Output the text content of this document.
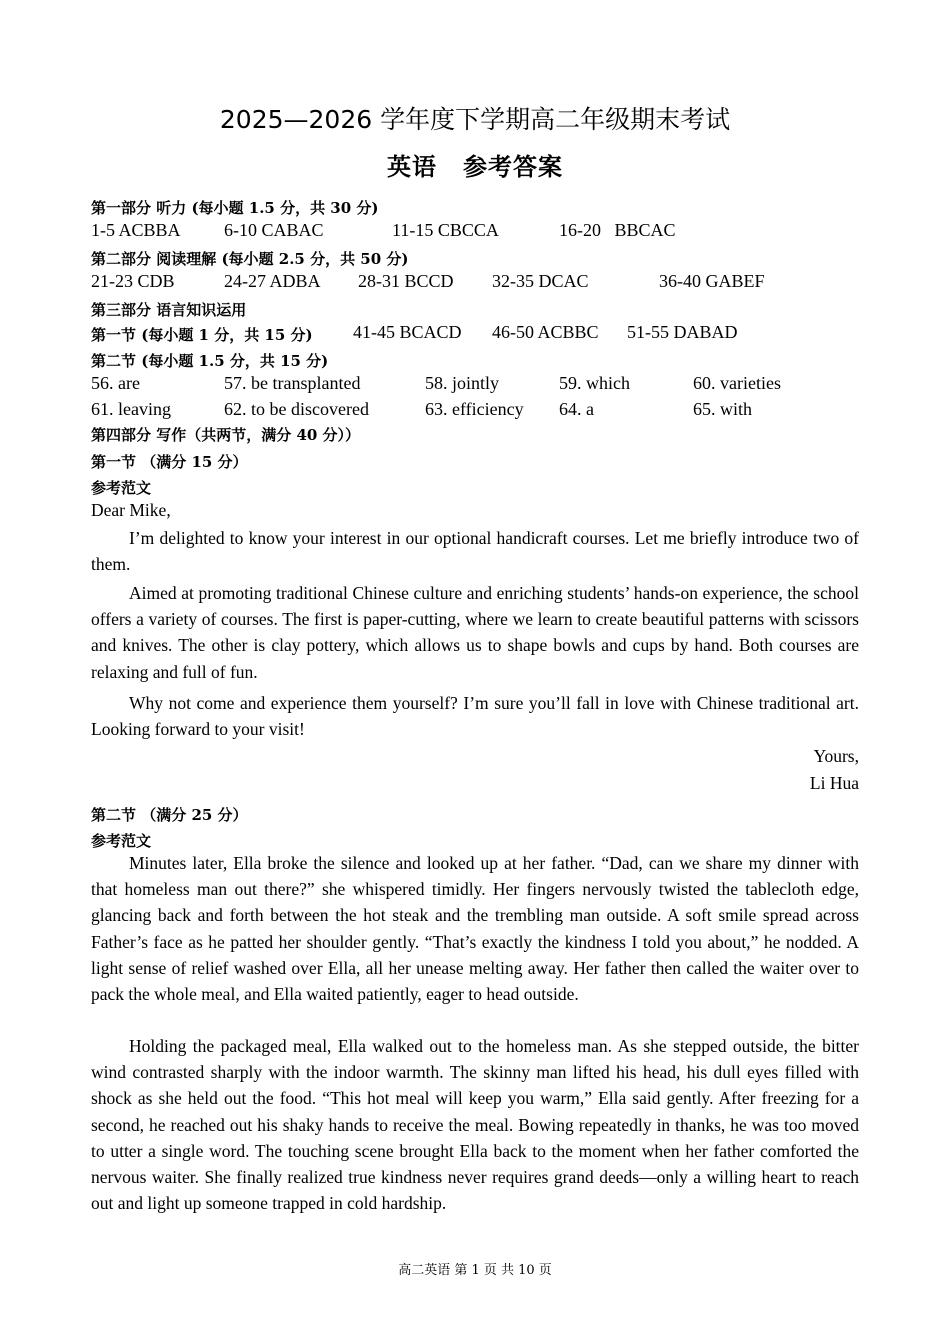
2025—2026 学年度下学期高二年级期末考试
英语 参考答案
第一部分 听力 (每小题 1.5 分，共 30 分)
1-5 ACBBA 6-10 CABAC	11-15 CBCCA	16-20   BBCAC
第二部分 阅读理解 (每小题 2.5 分，共 50 分)
21-23 CDB	24-27 ADBA 28-31 BCCD 32-35 DCAC	36-40 GABEF
第三部分 语言知识运用
第一节 (每小题 1 分，共 15 分) 41-45 BCACD 46-50 ACBBC 51-55 DABAD
第二节 (每小题 1.5 分，共 15 分)
56. are	57. be transplanted	58. jointly	59. which	60. varieties
61. leaving	62. to be discovered	63. efficiency 64. a	65. with
第四部分 写作（共两节，满分 40 分））
第一节 （满分 15 分）
参考范文
Dear Mike,
I’m delighted to know your interest in our optional handicraft courses. Let me briefly introduce two of them.
Aimed at promoting traditional Chinese culture and enriching students’ hands-on experience, the school offers a variety of courses. The first is paper-cutting, where we learn to create beautiful patterns with scissors and knives. The other is clay pottery, which allows us to shape bowls and cups by hand. Both courses are relaxing and full of fun.
Why not come and experience them yourself? I’m sure you’ll fall in love with Chinese traditional art. Looking forward to your visit!
Yours,
Li Hua
第二节 （满分 25 分）
参考范文
Minutes later, Ella broke the silence and looked up at her father. “Dad, can we share my dinner with that homeless man out there?” she whispered timidly. Her fingers nervously twisted the tablecloth edge, glancing back and forth between the hot steak and the trembling man outside. A soft smile spread across Father’s face as he patted her shoulder gently. “That’s exactly the kindness I told you about,” he nodded. A light sense of relief washed over Ella, all her unease melting away. Her father then called the waiter over to pack the whole meal, and Ella waited patiently, eager to head outside.
Holding the packaged meal, Ella walked out to the homeless man. As she stepped outside, the bitter wind contrasted sharply with the indoor warmth. The skinny man lifted his head, his dull eyes filled with shock as she held out the food. “This hot meal will keep you warm,” Ella said gently. After freezing for a second, he reached out his shaky hands to receive the meal. Bowing repeatedly in thanks, he was too moved to utter a single word. The touching scene brought Ella back to the moment when her father comforted the nervous waiter. She finally realized true kindness never requires grand deeds—only a willing heart to reach out and light up someone trapped in cold hardship.
高二英语 第 1 页 共 10 页
